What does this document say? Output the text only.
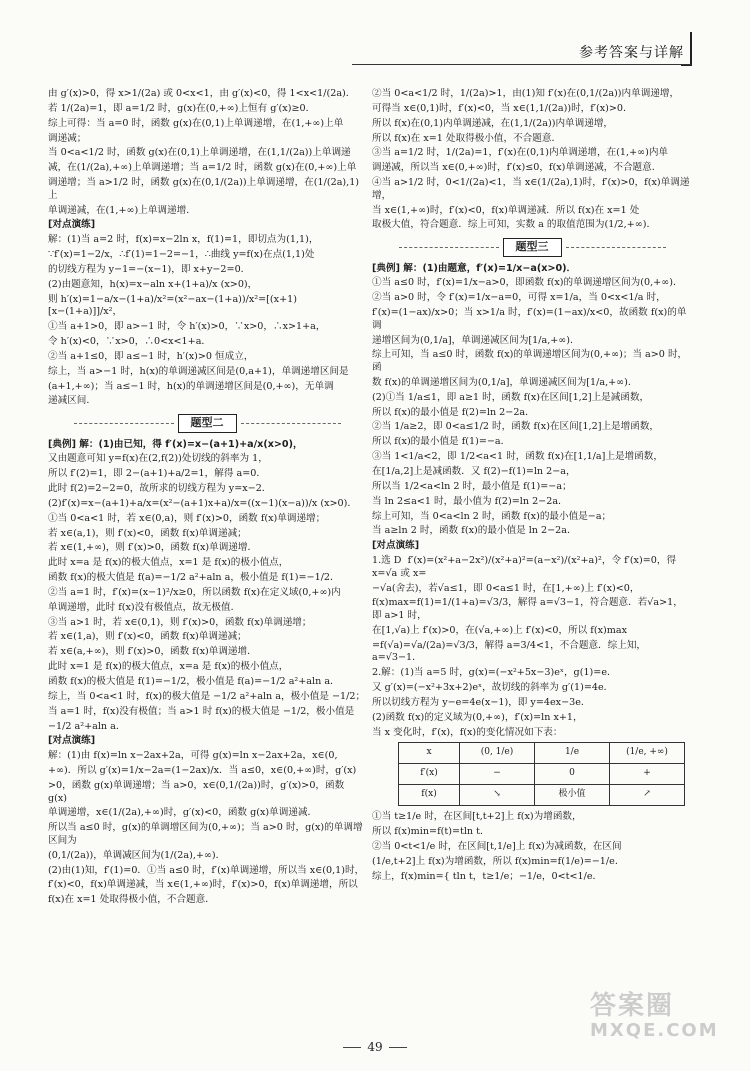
参考答案与详解
由 g′(x)>0，得 x>1/(2a) 或 0<x<1，由 g′(x)<0，得 1<x<1/(2a)．
若 1/(2a)=1，即 a=1/2 时，g(x)在(0,+∞)上恒有 g′(x)≥0．
综上可得：当 a=0 时，函数 g(x)在(0,1)上单调递增，在(1,+∞)上单
调递减；
当 0<a<1/2 时，函数 g(x)在(0,1)上单调递增，在(1,1/(2a))上单调递
减，在(1/(2a),+∞)上单调递增；当 a=1/2 时，函数 g(x)在(0,+∞)上单
调递增；当 a>1/2 时，函数 g(x)在(0,1/(2a))上单调递增，在(1/(2a),1)上
单调递减，在(1,+∞)上单调递增．
[对点演练]
解：(1)当 a=2 时，f(x)=x−2ln x，f(1)=1，即切点为(1,1)，
∵f′(x)=1−2/x，∴f′(1)=1−2=−1，∴曲线 y=f(x)在点(1,1)处
的切线方程为 y−1=−(x−1)，即 x+y−2=0．
(2)由题意知，h(x)=x−aln x+(1+a)/x (x>0)，
则 h′(x)=1−a/x−(1+a)/x²=(x²−ax−(1+a))/x²=[(x+1)[x−(1+a)]]/x²，
①当 a+1>0，即 a>−1 时，令 h′(x)>0，∵x>0，∴x>1+a，
令 h′(x)<0，∵x>0，∴0<x<1+a．
②当 a+1≤0，即 a≤−1 时，h′(x)>0 恒成立，
综上，当 a>−1 时，h(x)的单调递减区间是(0,a+1)，单调递增区间是
(a+1,+∞)；当 a≤−1 时，h(x)的单调递增区间是(0,+∞)，无单调
递减区间．
题型二
[典例] 解：(1)由已知，得 f′(x)=x−(a+1)+a/x(x>0)，
又由题意可知 y=f(x)在(2,f(2))处切线的斜率为 1，
所以 f′(2)=1，即 2−(a+1)+a/2=1，解得 a=0．
此时 f(2)=2−2=0，故所求的切线方程为 y=x−2．
(2)f′(x)=x−(a+1)+a/x=(x²−(a+1)x+a)/x=((x−1)(x−a))/x (x>0)．
①当 0<a<1 时，若 x∈(0,a)，则 f′(x)>0，函数 f(x)单调递增；
若 x∈(a,1)，则 f′(x)<0，函数 f(x)单调递减；
若 x∈(1,+∞)，则 f′(x)>0，函数 f(x)单调递增．
此时 x=a 是 f(x)的极大值点，x=1 是 f(x)的极小值点，
函数 f(x)的极大值是 f(a)=−1/2 a²+aln a，极小值是 f(1)=−1/2．
②当 a=1 时，f′(x)=(x−1)²/x≥0，所以函数 f(x)在定义域(0,+∞)内
单调递增，此时 f(x)没有极值点，故无极值．
③当 a>1 时，若 x∈(0,1)，则 f′(x)>0，函数 f(x)单调递增；
若 x∈(1,a)，则 f′(x)<0，函数 f(x)单调递减；
若 x∈(a,+∞)，则 f′(x)>0，函数 f(x)单调递增．
此时 x=1 是 f(x)的极大值点，x=a 是 f(x)的极小值点，
函数 f(x)的极大值是 f(1)=−1/2，极小值是 f(a)=−1/2 a²+aln a．
综上，当 0<a<1 时，f(x)的极大值是 −1/2 a²+aln a，极小值是 −1/2；
当 a=1 时，f(x)没有极值；当 a>1 时 f(x)的极大值是 −1/2，极小值是
−1/2 a²+aln a．
[对点演练]
解：(1)由 f(x)=ln x−2ax+2a，可得 g(x)=ln x−2ax+2a，x∈(0,
+∞)．所以 g′(x)=1/x−2a=(1−2ax)/x．当 a≤0，x∈(0,+∞)时，g′(x)
>0，函数 g(x)单调递增；当 a>0，x∈(0,1/(2a))时，g′(x)>0，函数 g(x)
单调递增，x∈(1/(2a),+∞)时，g′(x)<0，函数 g(x)单调递减．
所以当 a≤0 时，g(x)的单调增区间为(0,+∞)；当 a>0 时，g(x)的单调增区间为
(0,1/(2a))，单调减区间为(1/(2a),+∞)．
(2)由(1)知，f′(1)=0．①当 a≤0 时，f′(x)单调递增，所以当 x∈(0,1)时，
f′(x)<0，f(x)单调递减，当 x∈(1,+∞)时，f′(x)>0，f(x)单调递增，所以
f(x)在 x=1 处取得极小值，不合题意．
②当 0<a<1/2 时，1/(2a)>1，由(1)知 f′(x)在(0,1/(2a))内单调递增，
可得当 x∈(0,1)时，f′(x)<0，当 x∈(1,1/(2a))时，f′(x)>0．
所以 f(x)在(0,1)内单调递减，在(1,1/(2a))内单调递增，
所以 f(x)在 x=1 处取得极小值，不合题意．
③当 a=1/2 时，1/(2a)=1，f′(x)在(0,1)内单调递增，在(1,+∞)内单
调递减，所以当 x∈(0,+∞)时，f′(x)≤0，f(x)单调递减，不合题意．
④当 a>1/2 时，0<1/(2a)<1，当 x∈(1/(2a),1)时，f′(x)>0，f(x)单调递增，
当 x∈(1,+∞)时，f′(x)<0，f(x)单调递减．所以 f(x)在 x=1 处
取极大值，符合题意．综上可知，实数 a 的取值范围为(1/2,+∞)．
题型三
[典例] 解：(1)由题意，f′(x)=1/x−a(x>0)．
①当 a≤0 时，f′(x)=1/x−a>0，即函数 f(x)的单调递增区间为(0,+∞)．
②当 a>0 时，令 f′(x)=1/x−a=0，可得 x=1/a，当 0<x<1/a 时，
f′(x)=(1−ax)/x>0；当 x>1/a 时，f′(x)=(1−ax)/x<0，故函数 f(x)的单调
递增区间为(0,1/a]，单调递减区间为[1/a,+∞)．
综上可知，当 a≤0 时，函数 f(x)的单调递增区间为(0,+∞)；当 a>0 时，函
数 f(x)的单调递增区间为(0,1/a]，单调递减区间为[1/a,+∞)．
(2)①当 1/a≤1，即 a≥1 时，函数 f(x)在区间[1,2]上是减函数，
所以 f(x)的最小值是 f(2)=ln 2−2a．
②当 1/a≥2，即 0<a≤1/2 时，函数 f(x)在区间[1,2]上是增函数，
所以 f(x)的最小值是 f(1)=−a．
③当 1<1/a<2，即 1/2<a<1 时，函数 f(x)在[1,1/a]上是增函数，
在[1/a,2]上是减函数．又 f(2)−f(1)=ln 2−a，
所以当 1/2<a<ln 2 时，最小值是 f(1)=−a；
当 ln 2≤a<1 时，最小值为 f(2)=ln 2−2a．
综上可知，当 0<a<ln 2 时，函数 f(x)的最小值是−a；
当 a≥ln 2 时，函数 f(x)的最小值是 ln 2−2a．
[对点演练]
1.选 D  f′(x)=(x²+a−2x²)/(x²+a)²=(a−x²)/(x²+a)²，令 f′(x)=0，得 x=√a 或 x=
−√a(舍去)，若√a≤1，即 0<a≤1 时，在[1,+∞)上 f′(x)<0，
f(x)max=f(1)=1/(1+a)=√3/3，解得 a=√3−1，符合题意．若√a>1，即 a>1 时，
在[1,√a)上 f′(x)>0，在(√a,+∞)上 f′(x)<0，所以 f(x)max
=f(√a)=√a/(2a)=√3/3，解得 a=3/4<1，不合题意．综上知，a=√3−1．
2.解：(1)当 a=5 时，g(x)=(−x²+5x−3)eˣ，g(1)=e．
又 g′(x)=(−x²+3x+2)eˣ，故切线的斜率为 g′(1)=4e．
所以切线方程为 y−e=4e(x−1)，即 y=4ex−3e．
(2)函数 f(x)的定义域为(0,+∞)，f′(x)=ln x+1，
当 x 变化时，f′(x)，f(x)的变化情况如下表：
x	(0, 1/e)	1/e	(1/e, +∞)
f′(x)	−	0	+
f(x)	↘	极小值	↗
①当 t≥1/e 时，在区间[t,t+2]上 f(x)为增函数，
所以 f(x)min=f(t)=tln t．
②当 0<t<1/e 时，在区间[t,1/e]上 f(x)为减函数，在区间
(1/e,t+2]上 f(x)为增函数，所以 f(x)min=f(1/e)=−1/e．
综上，f(x)min={ tln t，t≥1/e；−1/e，0<t<1/e．
49
答案圈
MXQE.COM
